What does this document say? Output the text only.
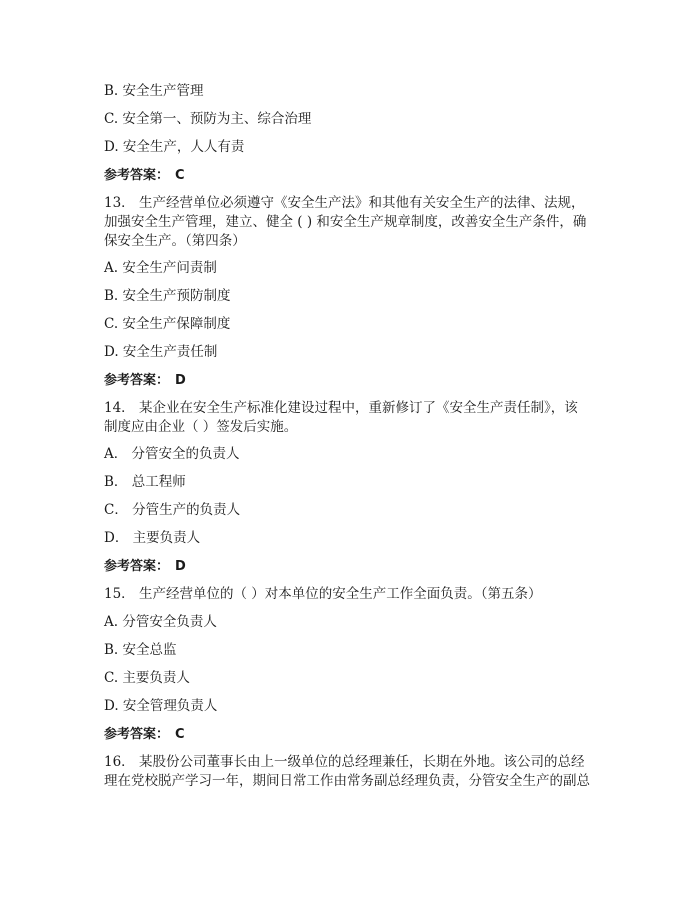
B. 安全生产管理
C. 安全第一、预防为主、综合治理
D. 安全生产，人人有责
参考答案： C
13． 生产经营单位必须遵守《安全生产法》和其他有关安全生产的法律、法规，
加强安全生产管理，建立、健全 ( ) 和安全生产规章制度，改善安全生产条件，确
保安全生产。（第四条）
A. 安全生产问责制
B. 安全生产预防制度
C. 安全生产保障制度
D. 安全生产责任制
参考答案： D
14． 某企业在安全生产标准化建设过程中，重新修订了《安全生产责任制》，该
制度应由企业（ ）签发后实施。
A． 分管安全的负责人
B． 总工程师
C． 分管生产的负责人
D． 主要负责人
参考答案： D
15． 生产经营单位的（ ）对本单位的安全生产工作全面负责。（第五条）
A. 分管安全负责人
B. 安全总监
C. 主要负责人
D. 安全管理负责人
参考答案： C
16． 某股份公司董事长由上一级单位的总经理兼任，长期在外地。该公司的总经
理在党校脱产学习一年，期间日常工作由常务副总经理负责，分管安全生产的副总
